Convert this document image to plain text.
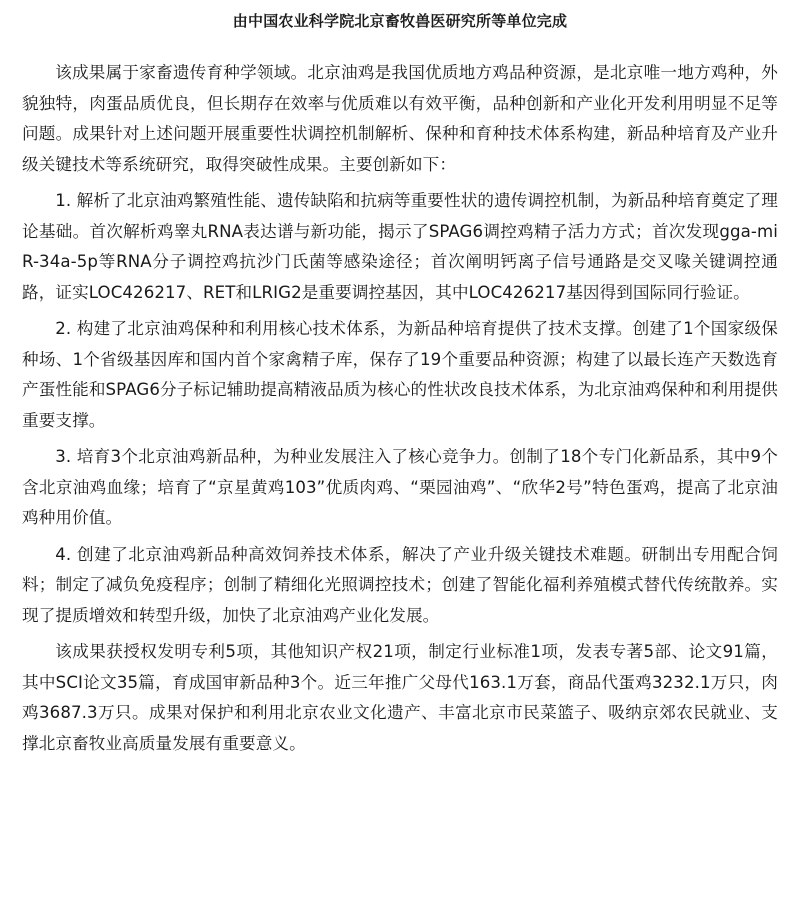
由中国农业科学院北京畜牧兽医研究所等单位完成

该成果属于家畜遗传育种学领域。北京油鸡是我国优质地方鸡品种资源，是北京唯一地方鸡种，外貌独特，肉蛋品质优良，但长期存在效率与优质难以有效平衡，品种创新和产业化开发利用明显不足等问题。成果针对上述问题开展重要性状调控机制解析、保种和育种技术体系构建，新品种培育及产业升级关键技术等系统研究，取得突破性成果。主要创新如下：

1. 解析了北京油鸡繁殖性能、遗传缺陷和抗病等重要性状的遗传调控机制，为新品种培育奠定了理论基础。首次解析鸡睾丸RNA表达谱与新功能，揭示了SPAG6调控鸡精子活力方式；首次发现gga-miR-34a-5p等RNA分子调控鸡抗沙门氏菌等感染途径；首次阐明钙离子信号通路是交叉喙关键调控通路，证实LOC426217、RET和LRIG2是重要调控基因，其中LOC426217基因得到国际同行验证。

2. 构建了北京油鸡保种和利用核心技术体系，为新品种培育提供了技术支撑。创建了1个国家级保种场、1个省级基因库和国内首个家禽精子库，保存了19个重要品种资源；构建了以最长连产天数选育产蛋性能和SPAG6分子标记辅助提高精液品质为核心的性状改良技术体系，为北京油鸡保种和利用提供重要支撑。

3. 培育3个北京油鸡新品种，为种业发展注入了核心竞争力。创制了18个专门化新品系，其中9个含北京油鸡血缘；培育了“京星黄鸡103”优质肉鸡、“栗园油鸡”、“欣华2号”特色蛋鸡，提高了北京油鸡种用价值。

4. 创建了北京油鸡新品种高效饲养技术体系，解决了产业升级关键技术难题。研制出专用配合饲料；制定了减负免疫程序；创制了精细化光照调控技术；创建了智能化福利养殖模式替代传统散养。实现了提质增效和转型升级，加快了北京油鸡产业化发展。

该成果获授权发明专利5项，其他知识产权21项，制定行业标准1项，发表专著5部、论文91篇，其中SCI论文35篇，育成国审新品种3个。近三年推广父母代163.1万套，商品代蛋鸡3232.1万只，肉鸡3687.3万只。成果对保护和利用北京农业文化遗产、丰富北京市民菜篮子、吸纳京郊农民就业、支撑北京畜牧业高质量发展有重要意义。
